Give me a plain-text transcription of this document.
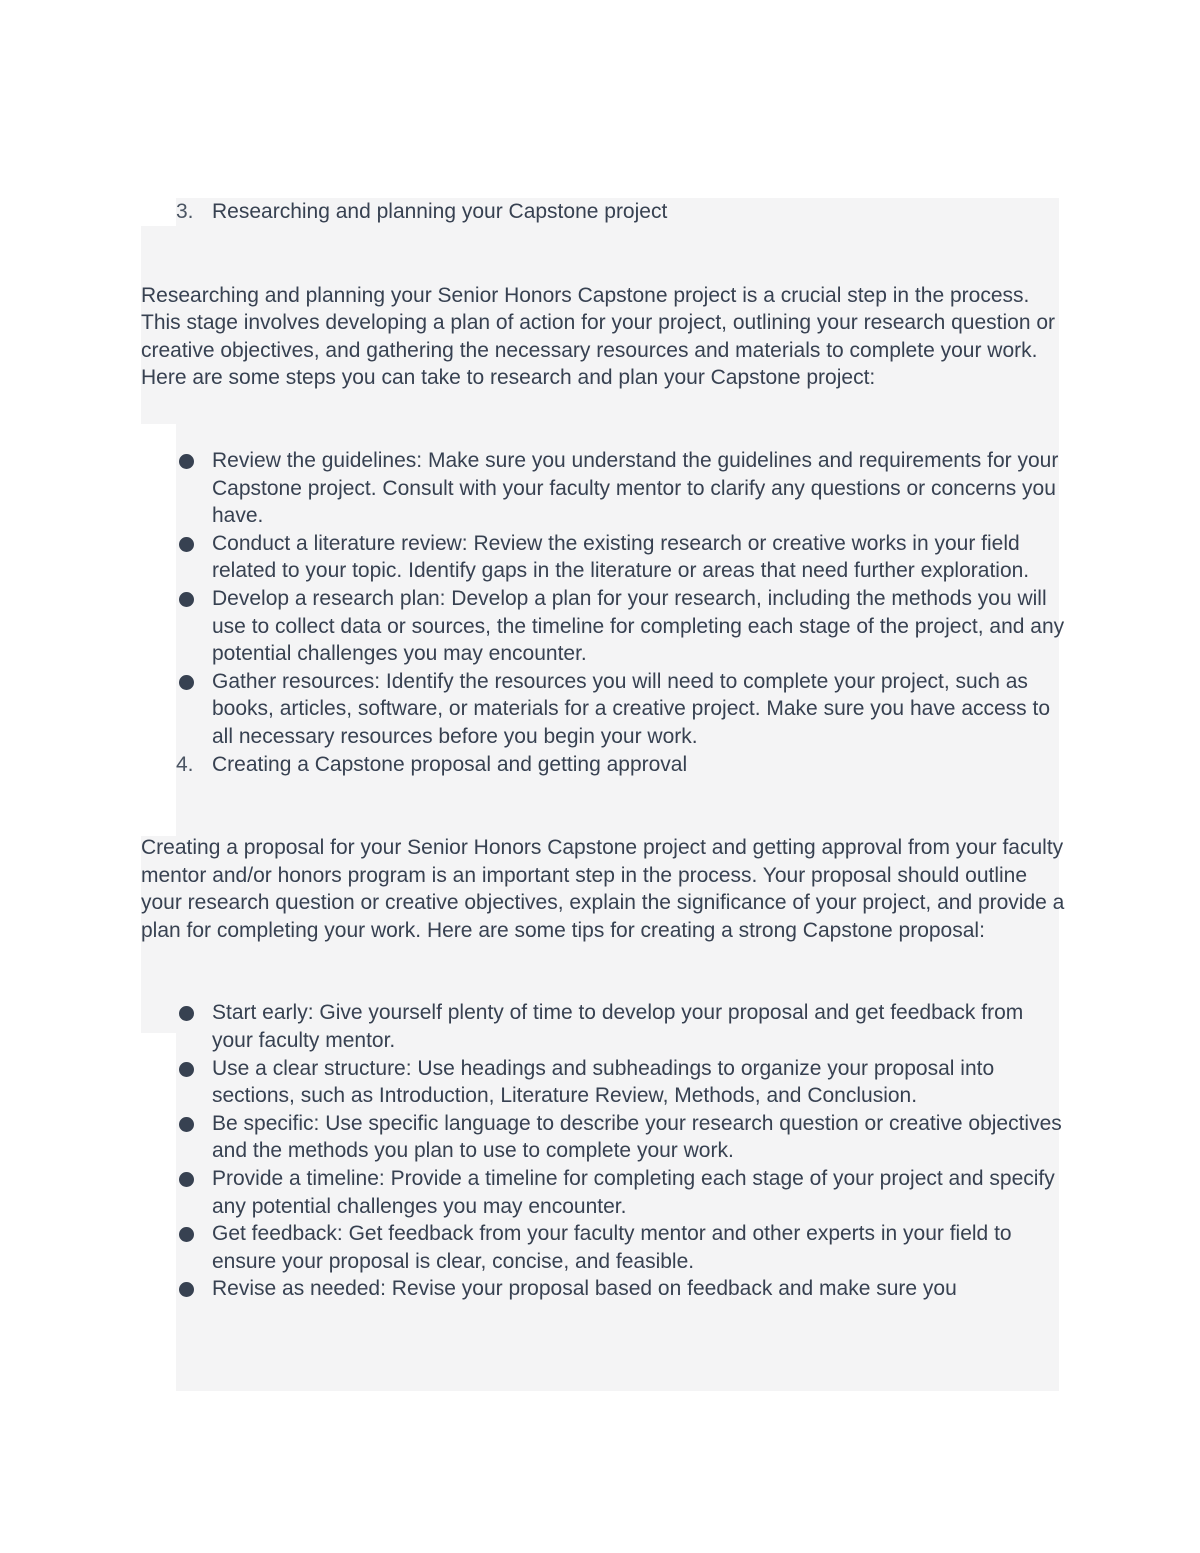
3. Researching and planning your Capstone project

Researching and planning your Senior Honors Capstone project is a crucial step in the process. This stage involves developing a plan of action for your project, outlining your research question or creative objectives, and gathering the necessary resources and materials to complete your work. Here are some steps you can take to research and plan your Capstone project:

Review the guidelines: Make sure you understand the guidelines and requirements for your Capstone project. Consult with your faculty mentor to clarify any questions or concerns you have.
Conduct a literature review: Review the existing research or creative works in your field related to your topic. Identify gaps in the literature or areas that need further exploration.
Develop a research plan: Develop a plan for your research, including the methods you will use to collect data or sources, the timeline for completing each stage of the project, and any potential challenges you may encounter.
Gather resources: Identify the resources you will need to complete your project, such as books, articles, software, or materials for a creative project. Make sure you have access to all necessary resources before you begin your work.
4. Creating a Capstone proposal and getting approval

Creating a proposal for your Senior Honors Capstone project and getting approval from your faculty mentor and/or honors program is an important step in the process. Your proposal should outline your research question or creative objectives, explain the significance of your project, and provide a plan for completing your work. Here are some tips for creating a strong Capstone proposal:

Start early: Give yourself plenty of time to develop your proposal and get feedback from your faculty mentor.
Use a clear structure: Use headings and subheadings to organize your proposal into sections, such as Introduction, Literature Review, Methods, and Conclusion.
Be specific: Use specific language to describe your research question or creative objectives and the methods you plan to use to complete your work.
Provide a timeline: Provide a timeline for completing each stage of your project and specify any potential challenges you may encounter.
Get feedback: Get feedback from your faculty mentor and other experts in your field to ensure your proposal is clear, concise, and feasible.
Revise as needed: Revise your proposal based on feedback and make sure you
